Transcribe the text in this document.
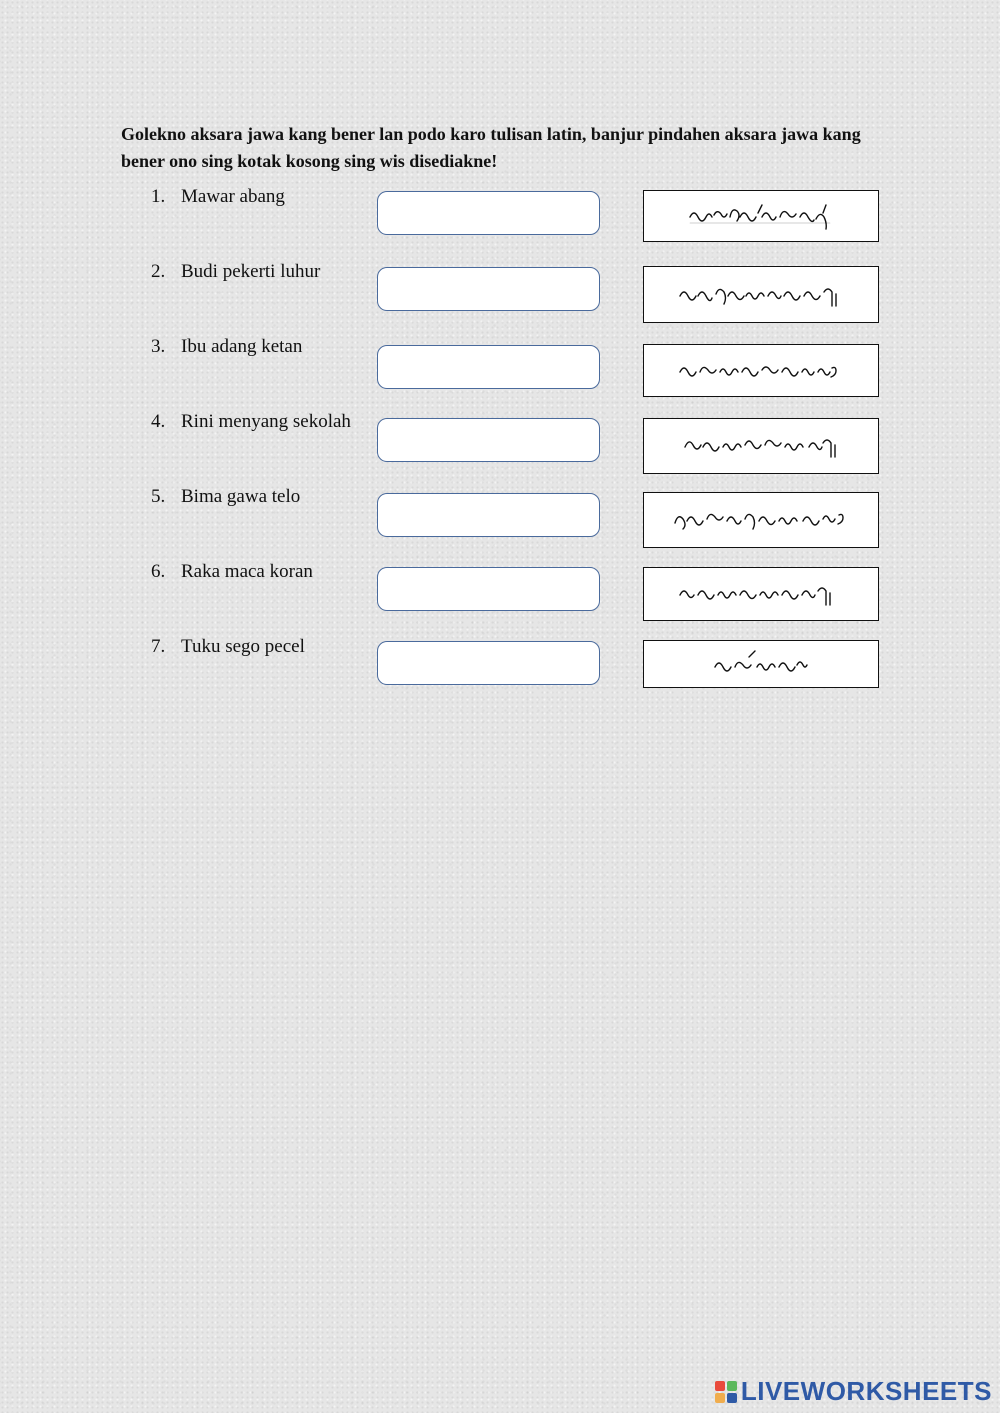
Golekno aksara jawa kang bener lan podo karo tulisan latin, banjur pindahen aksara jawa kang bener ono sing kotak kosong sing wis disediakne!
1. Mawar abang
2. Budi pekerti luhur
3. Ibu adang ketan
4. Rini menyang sekolah
5. Bima gawa telo
6. Raka maca koran
7. Tuku sego pecel
LIVEWORKSHEETS
